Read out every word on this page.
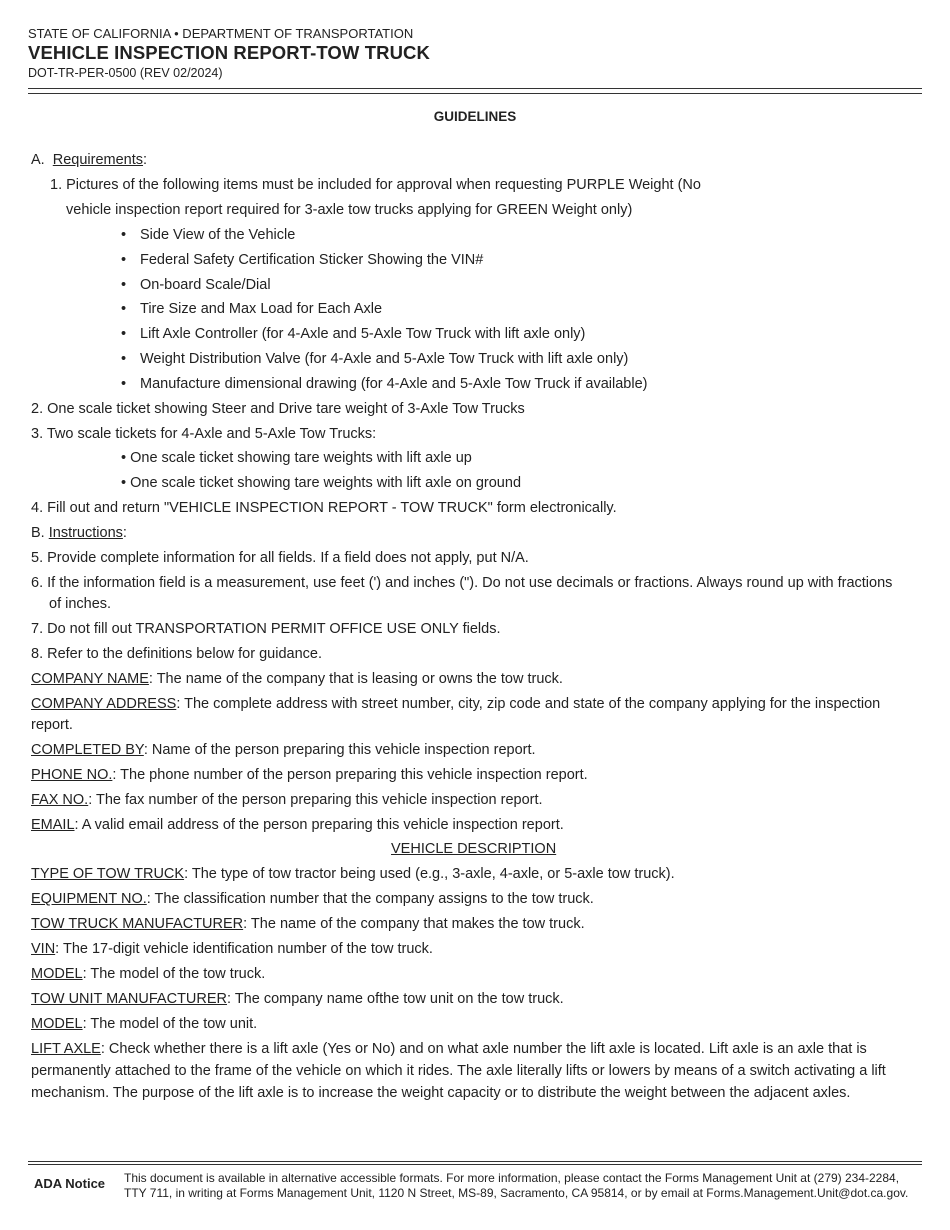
STATE OF CALIFORNIA • DEPARTMENT OF TRANSPORTATION
VEHICLE INSPECTION REPORT-TOW TRUCK
DOT-TR-PER-0500 (REV 02/2024)
GUIDELINES
A. Requirements:
1. Pictures of the following items must be included for approval when requesting PURPLE Weight (No
vehicle inspection report required for 3-axle tow trucks applying for GREEN Weight only)
• Side View of the Vehicle
• Federal Safety Certification Sticker Showing the VIN#
• On-board Scale/Dial
• Tire Size and Max Load for Each Axle
• Lift Axle Controller (for 4-Axle and 5-Axle Tow Truck with lift axle only)
• Weight Distribution Valve (for 4-Axle and 5-Axle Tow Truck with lift axle only)
• Manufacture dimensional drawing (for 4-Axle and 5-Axle Tow Truck if available)
2. One scale ticket showing Steer and Drive tare weight of 3-Axle Tow Trucks
3. Two scale tickets for 4-Axle and 5-Axle Tow Trucks:
• One scale ticket showing tare weights with lift axle up
• One scale ticket showing tare weights with lift axle on ground
4. Fill out and return "VEHICLE INSPECTION REPORT - TOW TRUCK" form electronically.
B. Instructions:
5. Provide complete information for all fields. If a field does not apply, put N/A.
6. If the information field is a measurement, use feet (') and inches ("). Do not use decimals or fractions. Always round up with fractions
of inches.
7. Do not fill out TRANSPORTATION PERMIT OFFICE USE ONLY fields.
8. Refer to the definitions below for guidance.
COMPANY NAME: The name of the company that is leasing or owns the tow truck.
COMPANY ADDRESS: The complete address with street number, city, zip code and state of the company applying for the inspection report.
COMPLETED BY: Name of the person preparing this vehicle inspection report.
PHONE NO.: The phone number of the person preparing this vehicle inspection report.
FAX NO.: The fax number of the person preparing this vehicle inspection report.
EMAIL: A valid email address of the person preparing this vehicle inspection report.
VEHICLE DESCRIPTION
TYPE OF TOW TRUCK: The type of tow tractor being used (e.g., 3-axle, 4-axle, or 5-axle tow truck).
EQUIPMENT NO.: The classification number that the company assigns to the tow truck.
TOW TRUCK MANUFACTURER: The name of the company that makes the tow truck.
VIN: The 17-digit vehicle identification number of the tow truck.
MODEL: The model of the tow truck.
TOW UNIT MANUFACTURER: The company name ofthe tow unit on the tow truck.
MODEL: The model of the tow unit.
LIFT AXLE: Check whether there is a lift axle (Yes or No) and on what axle number the lift axle is located. Lift axle is an axle that is permanently attached to the frame of the vehicle on which it rides. The axle literally lifts or lowers by means of a switch activating a lift mechanism. The purpose of the lift axle is to increase the weight capacity or to distribute the weight between the adjacent axles.
ADA Notice This document is available in alternative accessible formats. For more information, please contact the Forms Management Unit at (279) 234-2284, TTY 711, in writing at Forms Management Unit, 1120 N Street, MS-89, Sacramento, CA 95814, or by email at Forms.Management.Unit@dot.ca.gov.
